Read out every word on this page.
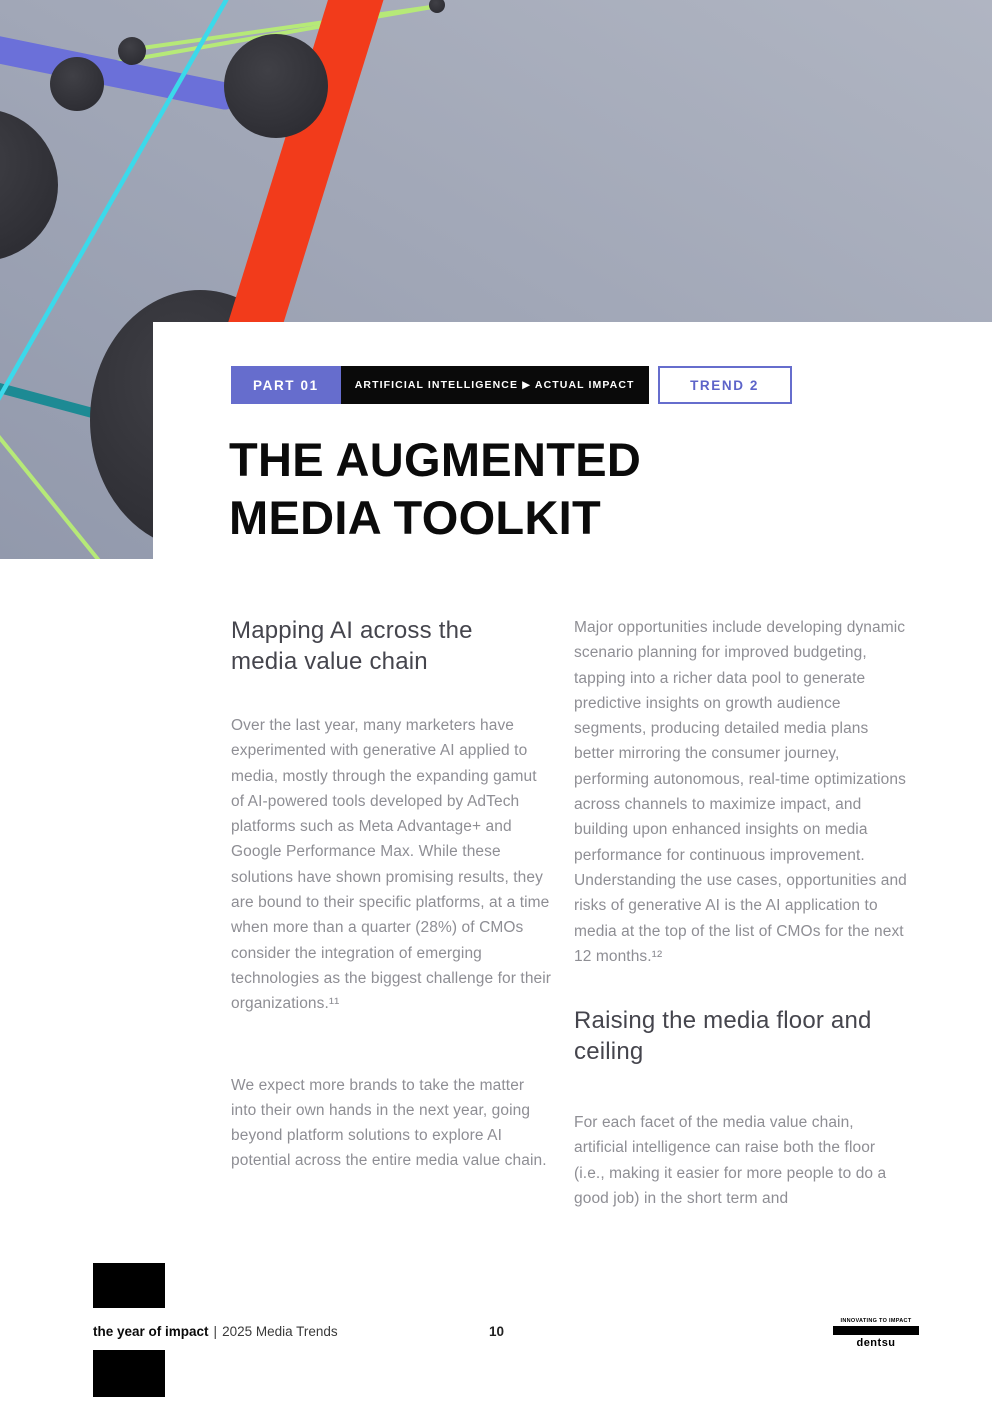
PART 01	ARTIFICIAL INTELLIGENCE ▶ ACTUAL IMPACT	TREND 2
THE AUGMENTED
MEDIA TOOLKIT
Mapping AI across the media value chain

Over the last year, many marketers have experimented with generative AI applied to media, mostly through the expanding gamut of AI-powered tools developed by AdTech platforms such as Meta Advantage+ and Google Performance Max. While these solutions have shown promising results, they are bound to their specific platforms, at a time when more than a quarter (28%) of CMOs consider the integration of emerging technologies as the biggest challenge for their organizations.¹¹

We expect more brands to take the matter into their own hands in the next year, going beyond platform solutions to explore AI potential across the entire media value chain.

Major opportunities include developing dynamic scenario planning for improved budgeting, tapping into a richer data pool to generate predictive insights on growth audience segments, producing detailed media plans better mirroring the consumer journey, performing autonomous, real-time optimizations across channels to maximize impact, and building upon enhanced insights on media performance for continuous improvement. Understanding the use cases, opportunities and risks of generative AI is the AI application to media at the top of the list of CMOs for the next 12 months.¹²

Raising the media floor and ceiling

For each facet of the media value chain, artificial intelligence can raise both the floor (i.e., making it easier for more people to do a good job) in the short term and

the year of impact | 2025 Media Trends	10
INNOVATING TO IMPACT
dentsu
